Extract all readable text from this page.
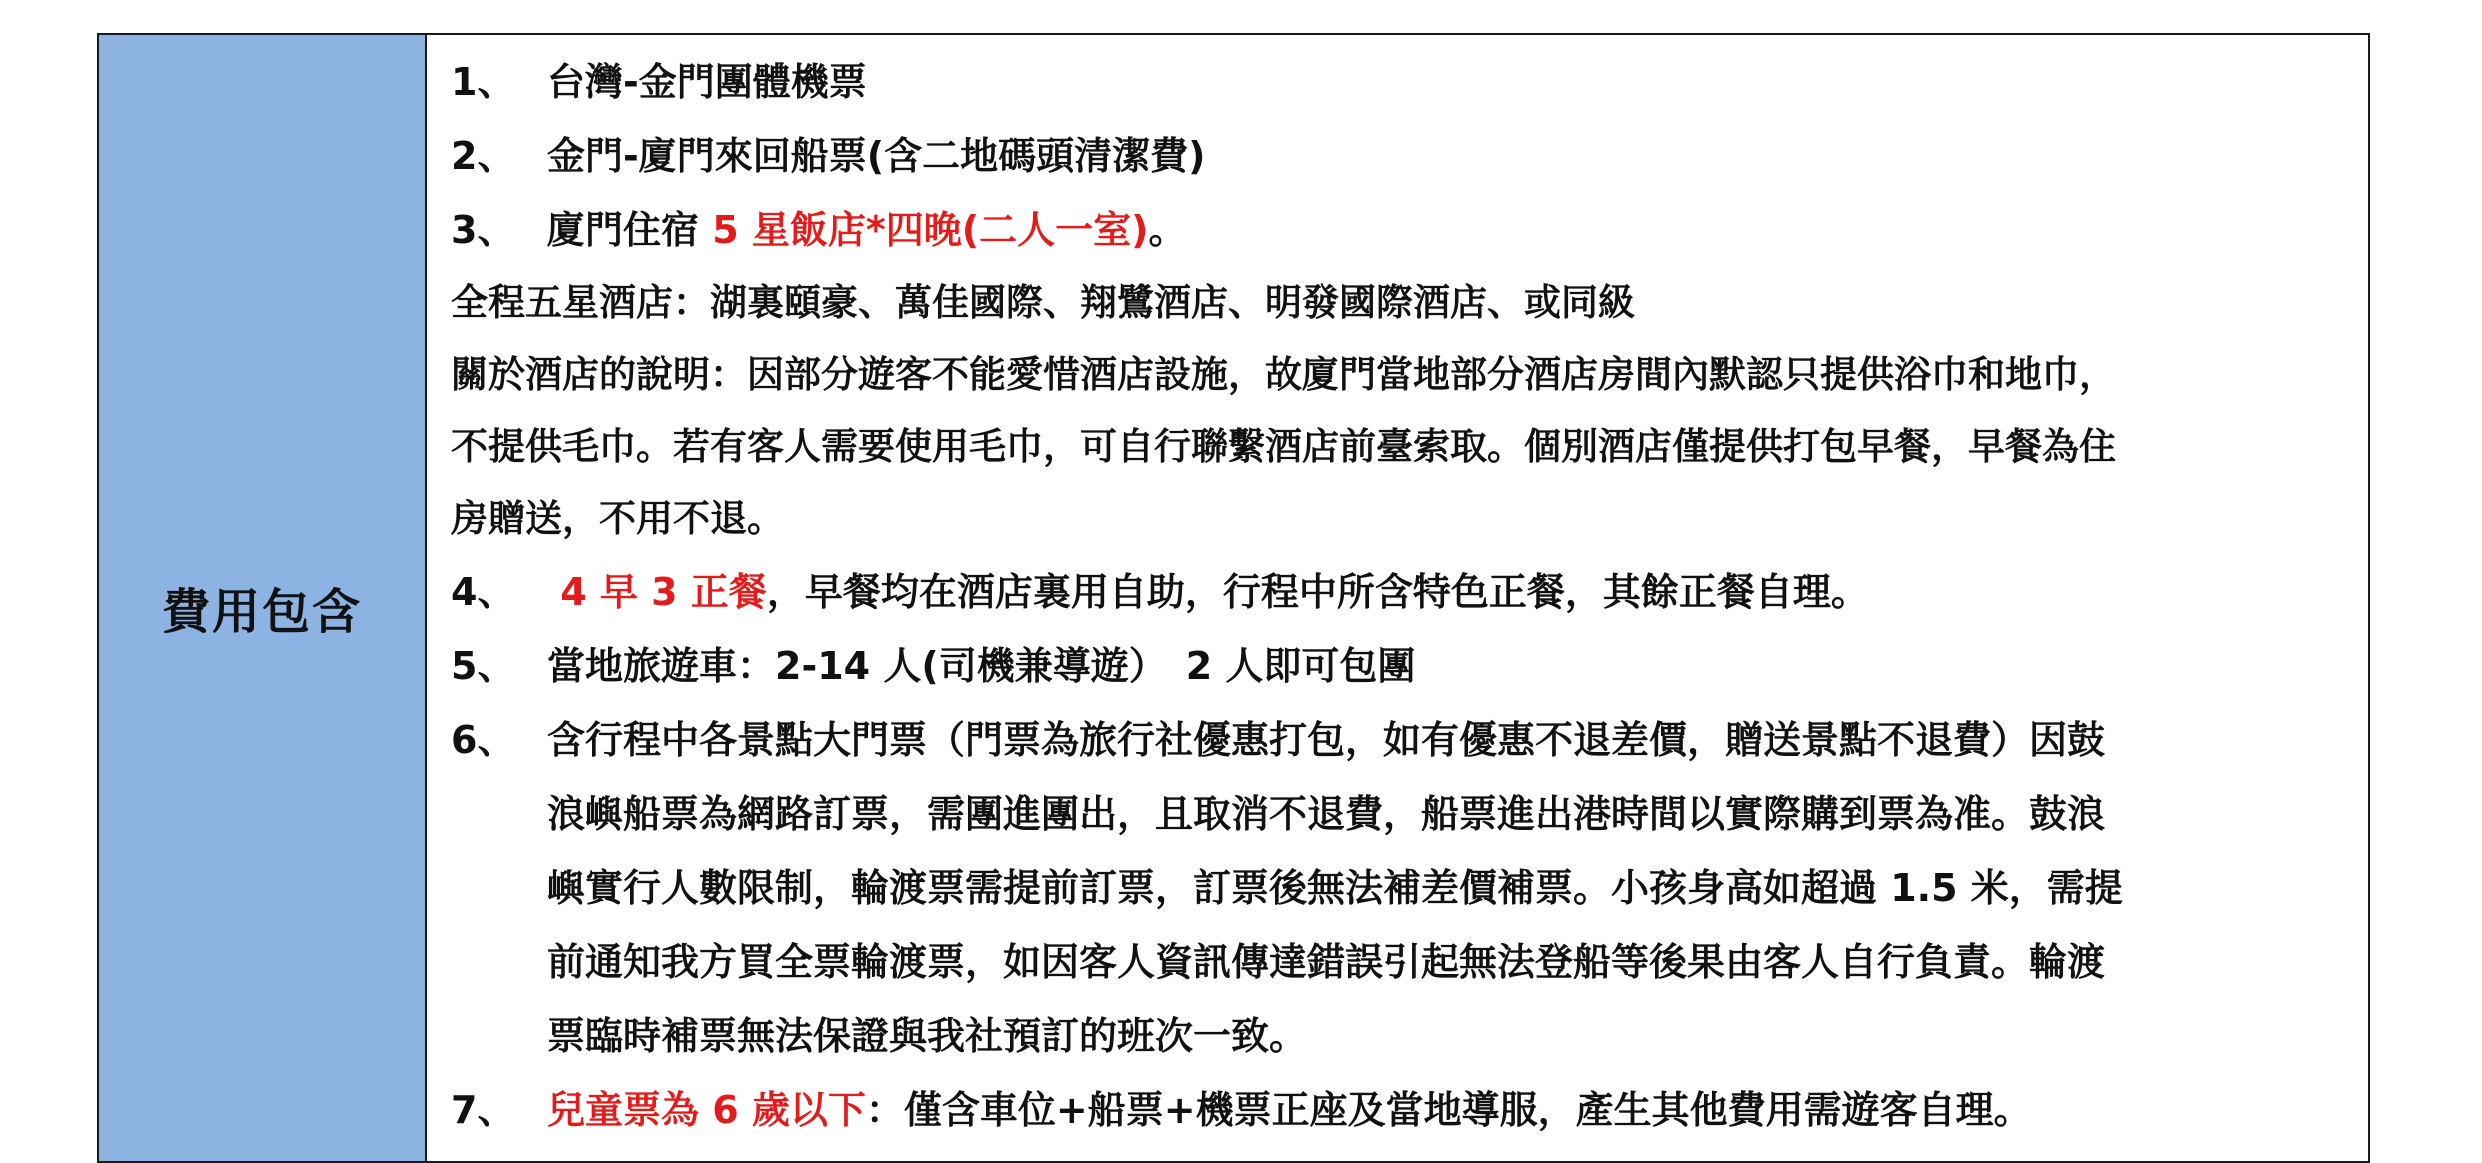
費用包含
1、 台灣-金門團體機票
2、 金門-廈門來回船票(含二地碼頭清潔費)
3、 廈門住宿 5 星飯店*四晚(二人一室)。
全程五星酒店：湖裏頤豪、萬佳國際、翔鷺酒店、明發國際酒店、或同級
關於酒店的說明：因部分遊客不能愛惜酒店設施，故廈門當地部分酒店房間內默認只提供浴巾和地巾，
不提供毛巾。若有客人需要使用毛巾，可自行聯繫酒店前臺索取。個別酒店僅提供打包早餐，早餐為住
房贈送，不用不退。
4、 4 早 3 正餐，早餐均在酒店裏用自助，行程中所含特色正餐，其餘正餐自理。
5、 當地旅遊車：2-14 人(司機兼導遊）　2 人即可包團
6、 含行程中各景點大門票（門票為旅行社優惠打包，如有優惠不退差價，贈送景點不退費）因鼓
浪嶼船票為網路訂票，需團進團出，且取消不退費，船票進出港時間以實際購到票為准。鼓浪
嶼實行人數限制，輪渡票需提前訂票，訂票後無法補差價補票。小孩身高如超過 1.5 米，需提
前通知我方買全票輪渡票，如因客人資訊傳達錯誤引起無法登船等後果由客人自行負責。輪渡
票臨時補票無法保證與我社預訂的班次一致。
7、 兒童票為 6 歲以下：僅含車位+船票+機票正座及當地導服，產生其他費用需遊客自理。
